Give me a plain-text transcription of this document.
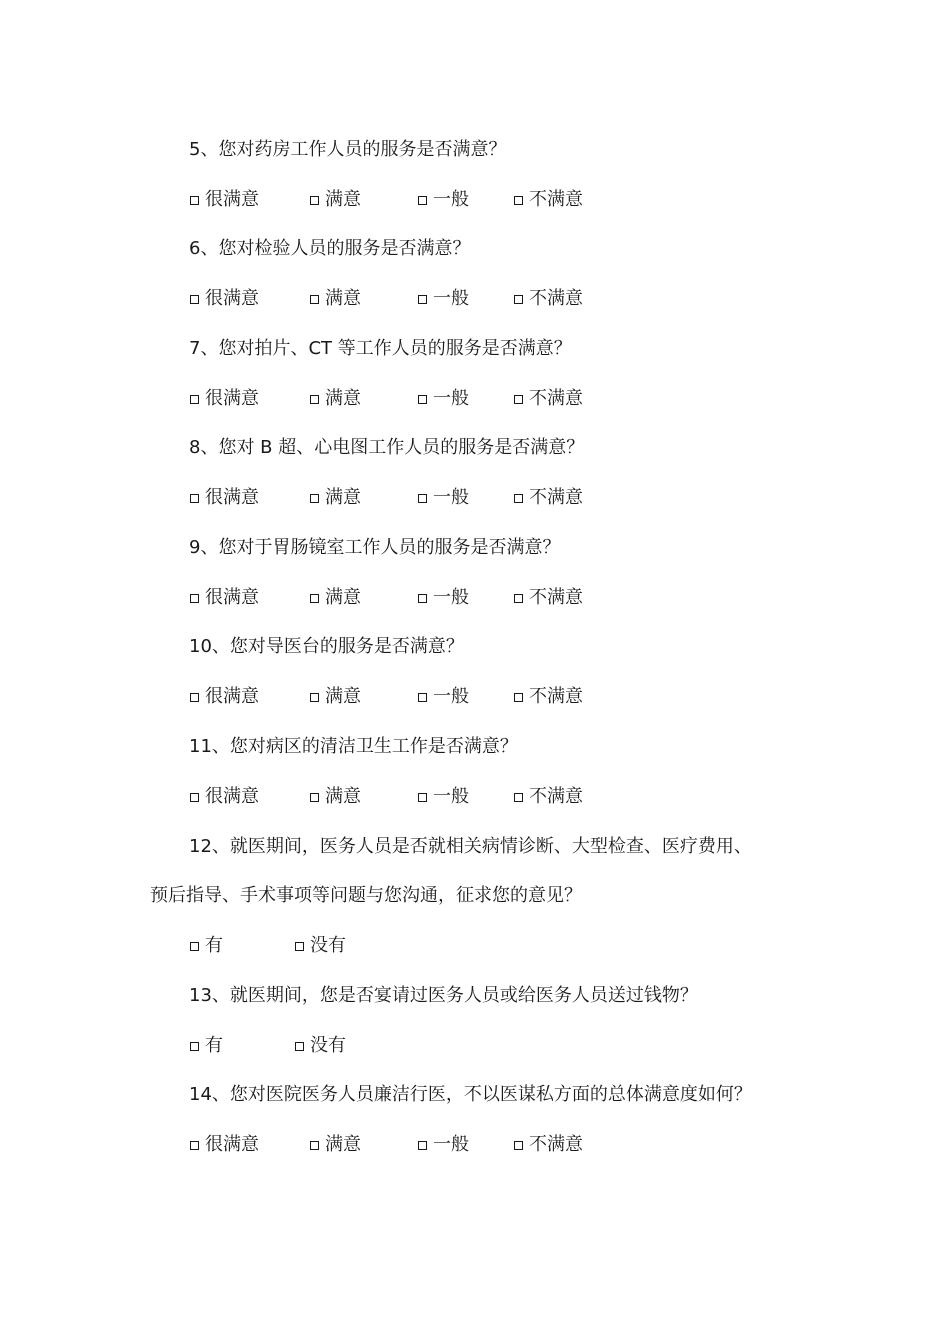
5、您对药房工作人员的服务是否满意？
很满意	满意	一般	不满意
6、您对检验人员的服务是否满意？
很满意	满意	一般	不满意
7、您对拍片、CT 等工作人员的服务是否满意？
很满意	满意	一般	不满意
8、您对 B 超、心电图工作人员的服务是否满意？
很满意	满意	一般	不满意
9、您对于胃肠镜室工作人员的服务是否满意？
很满意	满意	一般	不满意
10、您对导医台的服务是否满意？
很满意	满意	一般	不满意
11、您对病区的清洁卫生工作是否满意？
很满意	满意	一般	不满意
12、就医期间，医务人员是否就相关病情诊断、大型检查、医疗费用、
预后指导、手术事项等问题与您沟通，征求您的意见？
有	没有
13、就医期间，您是否宴请过医务人员或给医务人员送过钱物？
有	没有
14、您对医院医务人员廉洁行医，不以医谋私方面的总体满意度如何？
很满意	满意	一般	不满意
